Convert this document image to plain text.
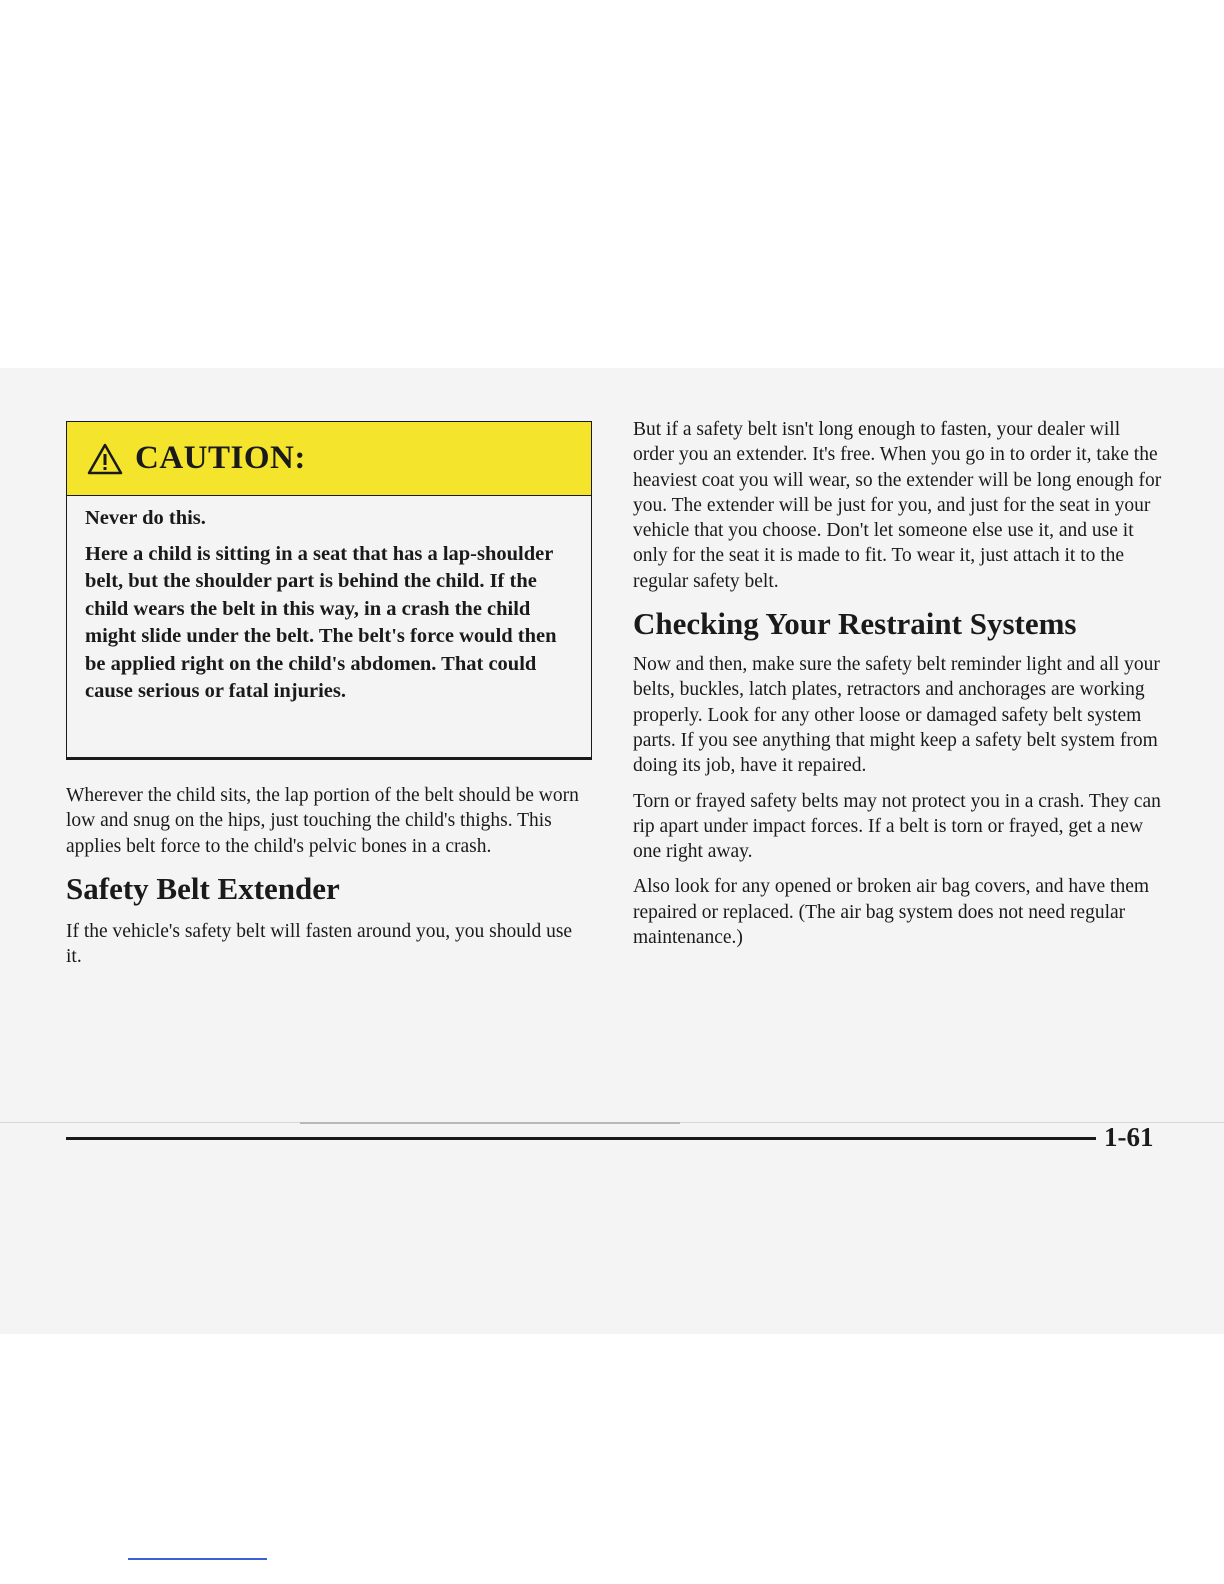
CAUTION:

Never do this.

Here a child is sitting in a seat that has a lap-shoulder belt, but the shoulder part is behind the child. If the child wears the belt in this way, in a crash the child might slide under the belt. The belt's force would then be applied right on the child's abdomen. That could cause serious or fatal injuries.

Wherever the child sits, the lap portion of the belt should be worn low and snug on the hips, just touching the child's thighs. This applies belt force to the child's pelvic bones in a crash.

Safety Belt Extender

If the vehicle's safety belt will fasten around you, you should use it.

But if a safety belt isn't long enough to fasten, your dealer will order you an extender. It's free. When you go in to order it, take the heaviest coat you will wear, so the extender will be long enough for you. The extender will be just for you, and just for the seat in your vehicle that you choose. Don't let someone else use it, and use it only for the seat it is made to fit. To wear it, just attach it to the regular safety belt.

Checking Your Restraint Systems

Now and then, make sure the safety belt reminder light and all your belts, buckles, latch plates, retractors and anchorages are working properly. Look for any other loose or damaged safety belt system parts. If you see anything that might keep a safety belt system from doing its job, have it repaired.

Torn or frayed safety belts may not protect you in a crash. They can rip apart under impact forces. If a belt is torn or frayed, get a new one right away.

Also look for any opened or broken air bag covers, and have them repaired or replaced. (The air bag system does not need regular maintenance.)

1-61
